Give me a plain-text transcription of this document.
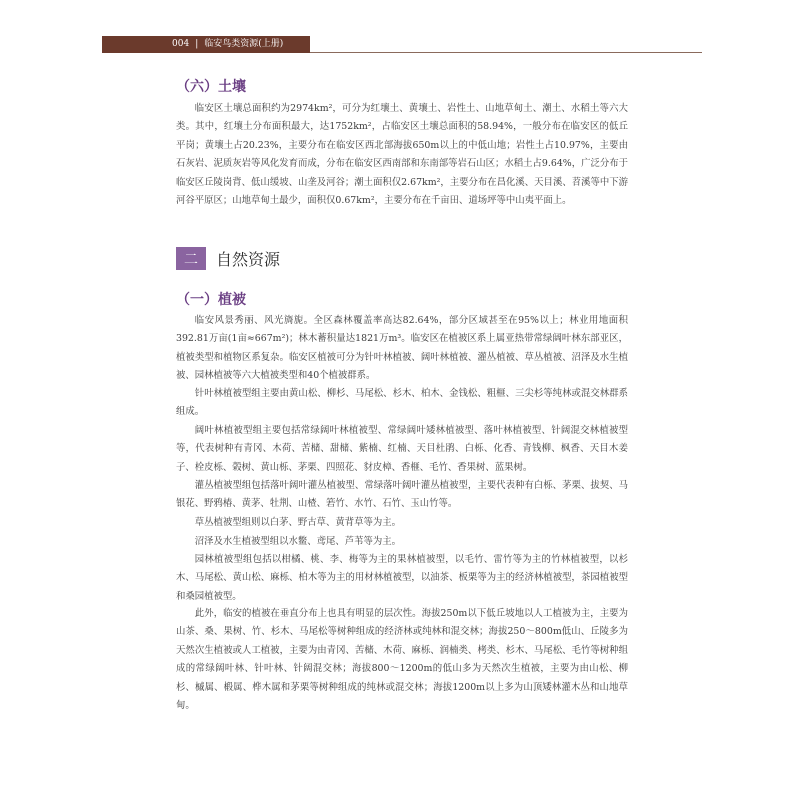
004 | 临安鸟类资源(上册)
（六）土壤

临安区土壤总面积约为2974km²，可分为红壤土、黄壤土、岩性土、山地草甸土、潮土、水稻土等六大类。其中，红壤土分布面积最大，达1752km²，占临安区土壤总面积的58.94%，一般分布在临安区的低丘平岗；黄壤土占20.23%，主要分布在临安区西北部海拔650m以上的中低山地；岩性土占10.97%，主要由石灰岩、泥质灰岩等风化发育而成，分布在临安区西南部和东南部等岩石山区；水稻土占9.64%，广泛分布于临安区丘陵岗背、低山缓坡、山垄及河谷；潮土面积仅2.67km²，主要分布在昌化溪、天目溪、苕溪等中下游河谷平原区；山地草甸土最少，面积仅0.67km²，主要分布在千亩田、道场坪等中山夷平面上。

二	自然资源
（一）植被

临安风景秀丽、风光旖旎。全区森林覆盖率高达82.64%，部分区域甚至在95%以上；林业用地面积392.81万亩(1亩≈667m²)；林木蓄积量达1821万m³。临安区在植被区系上属亚热带常绿阔叶林东部亚区，植被类型和植物区系复杂。临安区植被可分为针叶林植被、阔叶林植被、灌丛植被、草丛植被、沼泽及水生植被、园林植被等六大植被类型和40个植被群系。

针叶林植被型组主要由黄山松、柳杉、马尾松、杉木、柏木、金钱松、粗榧、三尖杉等纯林或混交林群系组成。

阔叶林植被型组主要包括常绿阔叶林植被型、常绿阔叶矮林植被型、落叶林植被型、针阔混交林植被型等，代表树种有青冈、木荷、苦槠、甜槠、紫楠、红楠、天目杜鹃、白栎、化香、青钱柳、枫香、天目木姜子、栓皮栎、榖树、黄山栎、茅栗、四照花、豺皮樟、香榧、毛竹、香果树、蓝果树。

灌丛植被型组包括落叶阔叶灌丛植被型、常绿落叶阔叶灌丛植被型，主要代表种有白栎、茅栗、拔契、马银花、野鸦椿、黄茅、牡荆、山楂、箬竹、水竹、石竹、玉山竹等。

草丛植被型组则以白茅、野古草、黄背草等为主。

沼泽及水生植被型组以水鳖、鸢尾、芦苇等为主。

园林植被型组包括以柑橘、桃、李、梅等为主的果林植被型，以毛竹、雷竹等为主的竹林植被型，以杉木、马尾松、黄山松、麻栎、柏木等为主的用材林植被型，以油茶、板栗等为主的经济林植被型，茶园植被型和桑园植被型。

此外，临安的植被在垂直分布上也具有明显的层次性。海拔250m以下低丘坡地以人工植被为主，主要为山茶、桑、果树、竹、杉木、马尾松等树种组成的经济林或纯林和混交林；海拔250～800m低山、丘陵多为天然次生植被或人工植被，主要为由青冈、苦槠、木荷、麻栎、润楠类、栲类、杉木、马尾松、毛竹等树种组成的常绿阔叶林、针叶林、针阔混交林；海拔800～1200m的低山多为天然次生植被，主要为由山松、柳杉、槭属、椴属、桦木属和茅栗等树种组成的纯林或混交林；海拔1200m以上多为山顶矮林灌木丛和山地草甸。
